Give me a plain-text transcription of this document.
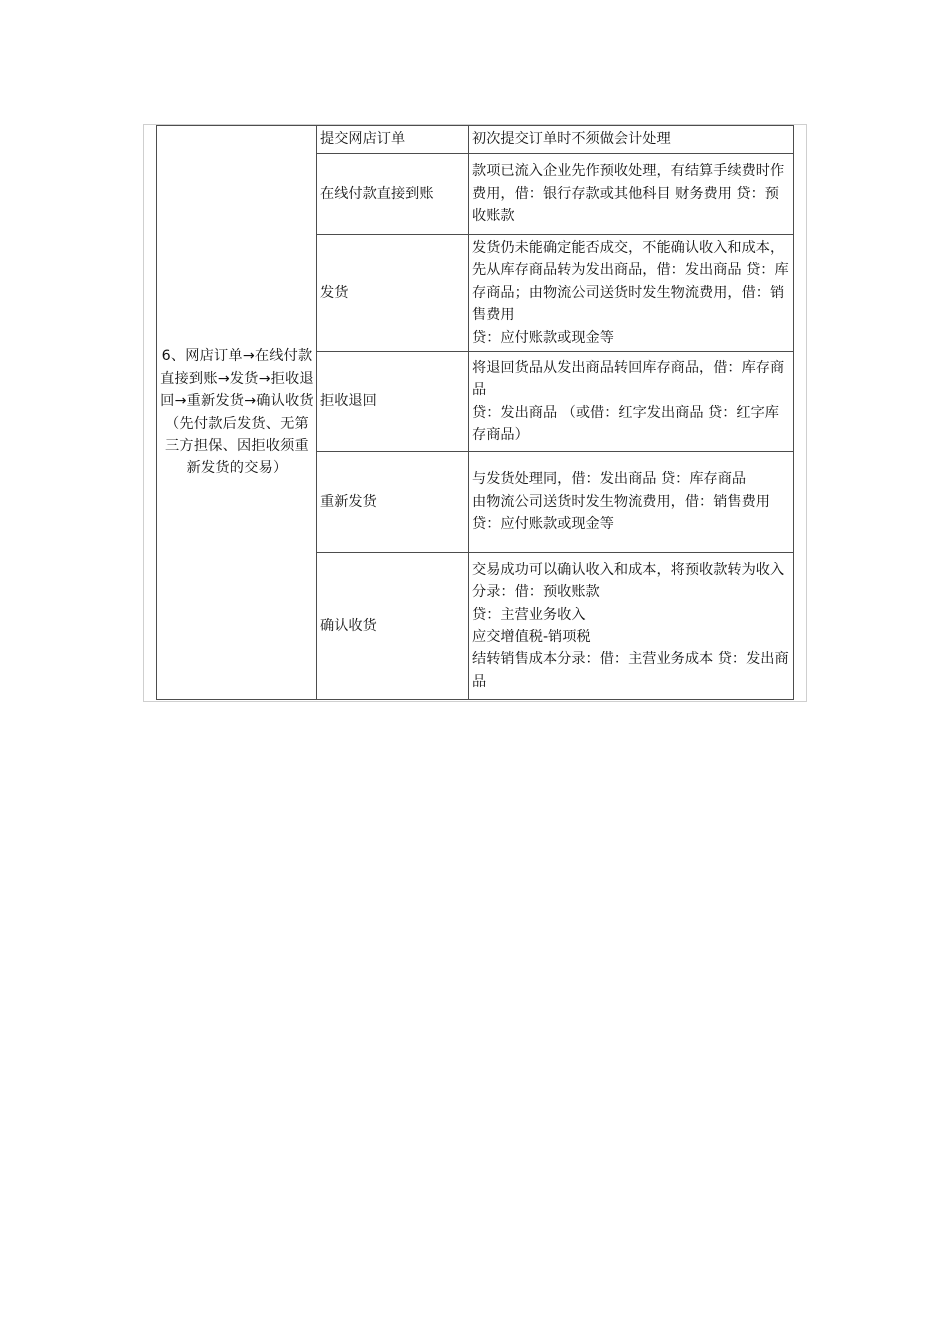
6、网店订单→在线付款直接到账→发货→拒收退回→重新发货→确认收货（先付款后发货、无第三方担保、因拒收须重新发货的交易）	提交网店订单	初次提交订单时不须做会计处理

	在线付款直接到账	款项已流入企业先作预收处理，有结算手续费时作费用，借：银行存款或其他科目 财务费用 贷：预收账款

	发货	发货仍未能确定能否成交，不能确认收入和成本，先从库存商品转为发出商品，借：发出商品 贷：库存商品；由物流公司送货时发生物流费用，借：销售费用
贷：应付账款或现金等

	拒收退回	将退回货品从发出商品转回库存商品，借：库存商品
贷：发出商品 （或借：红字发出商品 贷：红字库存商品）

	重新发货	与发货处理同，借：发出商品 贷：库存商品
由物流公司送货时发生物流费用，借：销售费用
贷：应付账款或现金等

	确认收货	交易成功可以确认收入和成本，将预收款转为收入分录：借：预收账款
贷：主营业务收入
应交增值税-销项税
结转销售成本分录：借：主营业务成本 贷：发出商品
